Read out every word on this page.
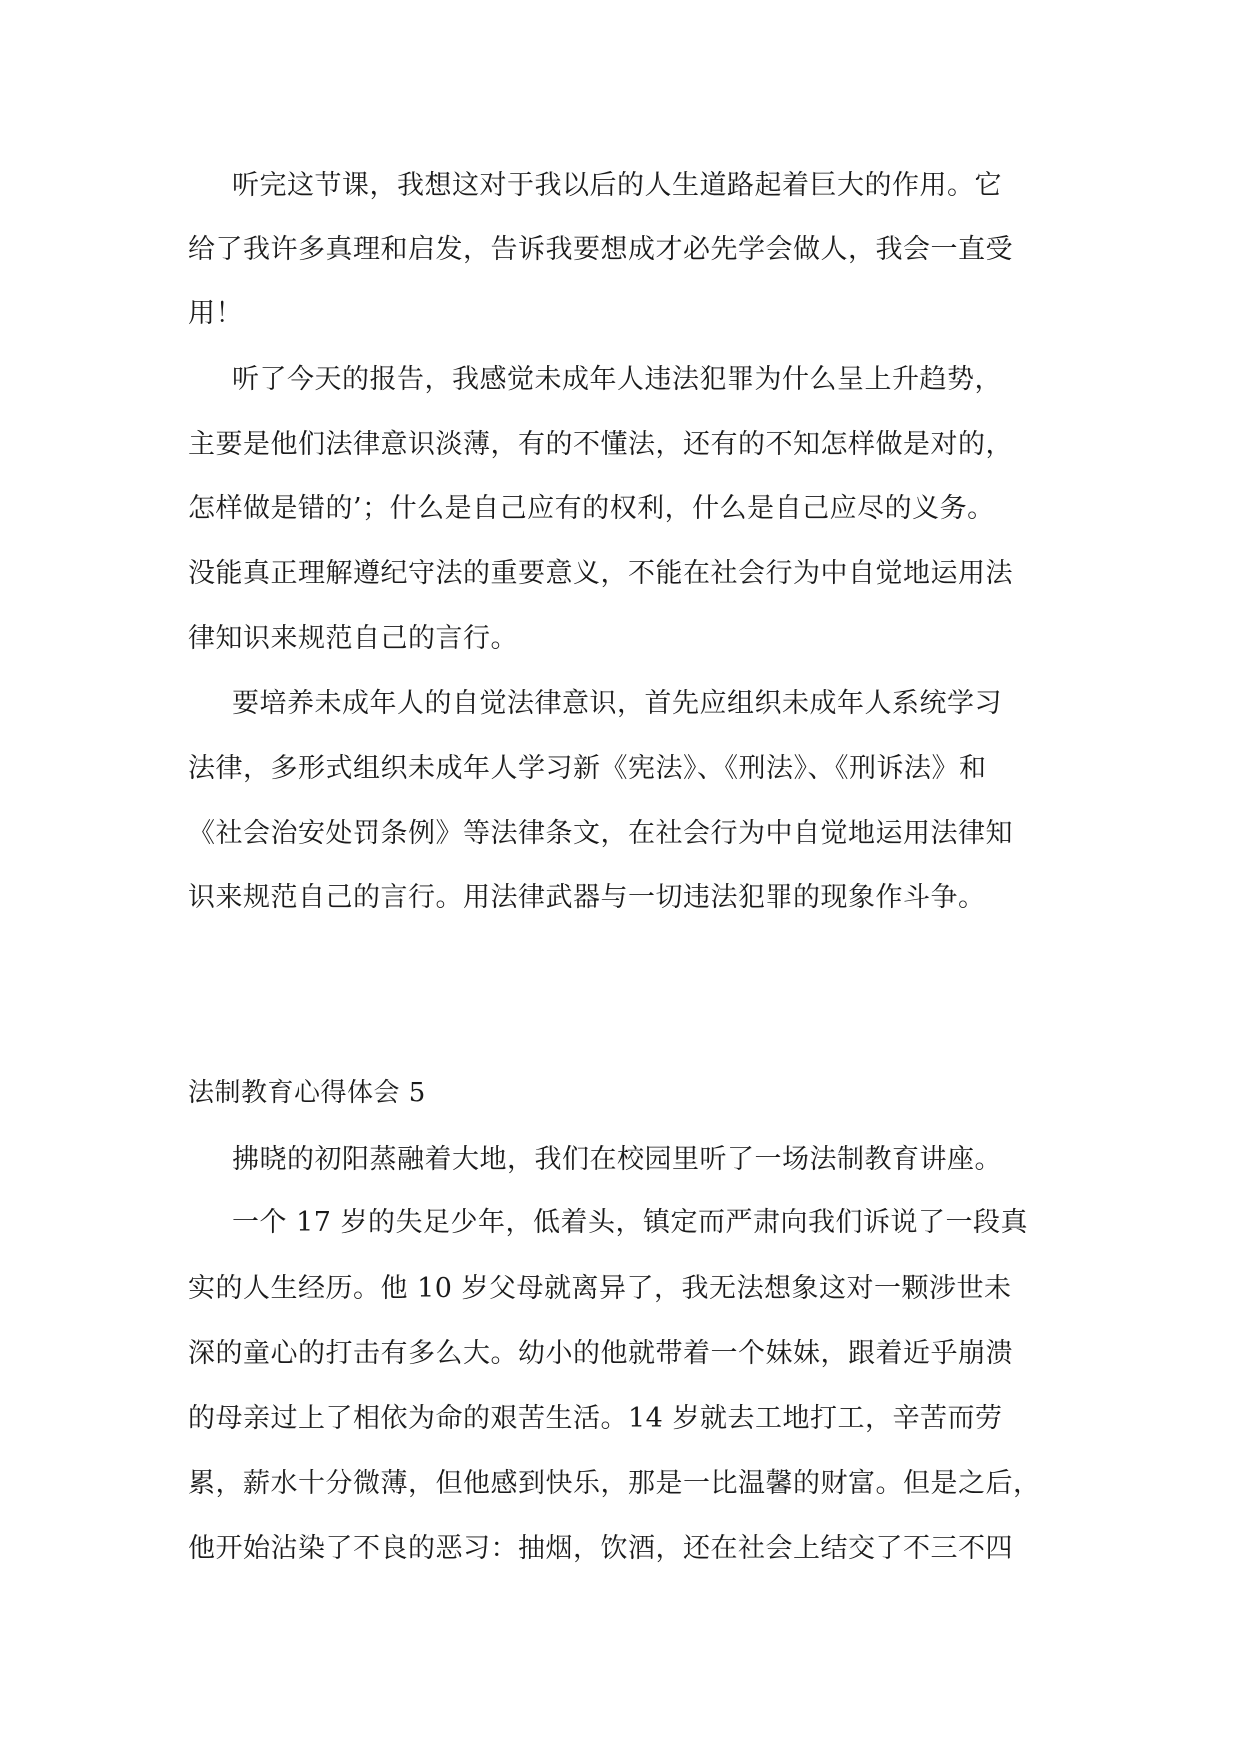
听完这节课，我想这对于我以后的人生道路起着巨大的作用。它
给了我许多真理和启发，告诉我要想成才必先学会做人，我会一直受
用！
听了今天的报告，我感觉未成年人违法犯罪为什么呈上升趋势，
主要是他们法律意识淡薄，有的不懂法，还有的不知怎样做是对的，
怎样做是错的’；什么是自己应有的权利，什么是自己应尽的义务。
没能真正理解遵纪守法的重要意义，不能在社会行为中自觉地运用法
律知识来规范自己的言行。
要培养未成年人的自觉法律意识，首先应组织未成年人系统学习
法律，多形式组织未成年人学习新《宪法》、《刑法》、《刑诉法》和
《社会治安处罚条例》等法律条文，在社会行为中自觉地运用法律知
识来规范自己的言行。用法律武器与一切违法犯罪的现象作斗争。
法制教育心得体会 5
拂晓的初阳蒸融着大地，我们在校园里听了一场法制教育讲座。
一个 17 岁的失足少年，低着头，镇定而严肃向我们诉说了一段真
实的人生经历。他 10 岁父母就离异了，我无法想象这对一颗涉世未
深的童心的打击有多么大。幼小的他就带着一个妹妹，跟着近乎崩溃
的母亲过上了相依为命的艰苦生活。14 岁就去工地打工，辛苦而劳
累，薪水十分微薄，但他感到快乐，那是一比温馨的财富。但是之后，
他开始沾染了不良的恶习：抽烟，饮酒，还在社会上结交了不三不四
